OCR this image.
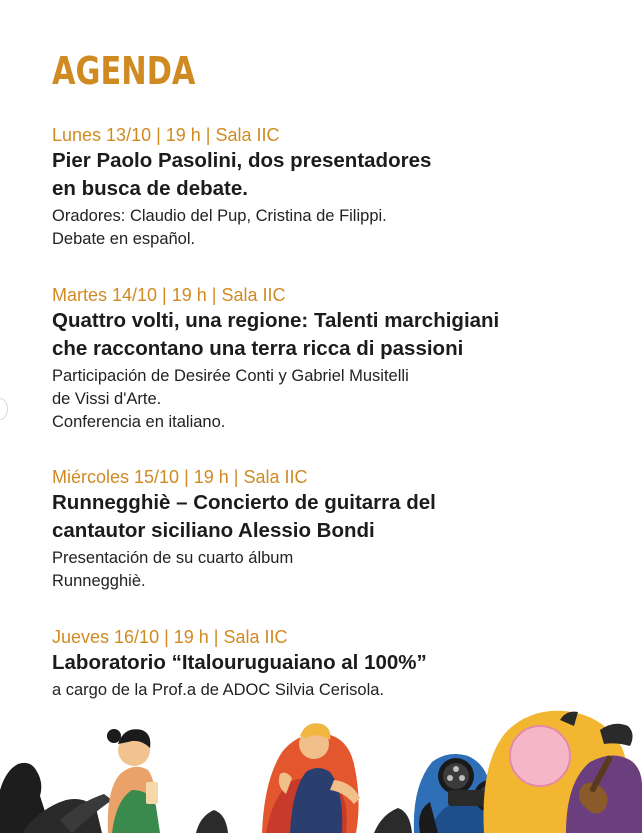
AGENDA

Lunes 13/10 | 19 h | Sala IIC

Pier Paolo Pasolini, dos presentadores
en busca de debate.

Oradores: Claudio del Pup, Cristina de Filippi.
Debate en español.

Martes 14/10 | 19 h | Sala IIC

Quattro volti, una regione: Talenti marchigiani
che raccontano una terra ricca di passioni

Participación de Desirée Conti y Gabriel Musitelli
de Vissi d'Arte.
Conferencia en italiano.

Miércoles 15/10 | 19 h | Sala IIC

Runnegghiè – Concierto de guitarra del
cantautor siciliano Alessio Bondi

Presentación de su cuarto álbum
Runnegghiè.

Jueves 16/10 | 19 h | Sala IIC

Laboratorio “Italouruguaiano al 100%”

a cargo de la Prof.a de ADOC Silvia Cerisola.
